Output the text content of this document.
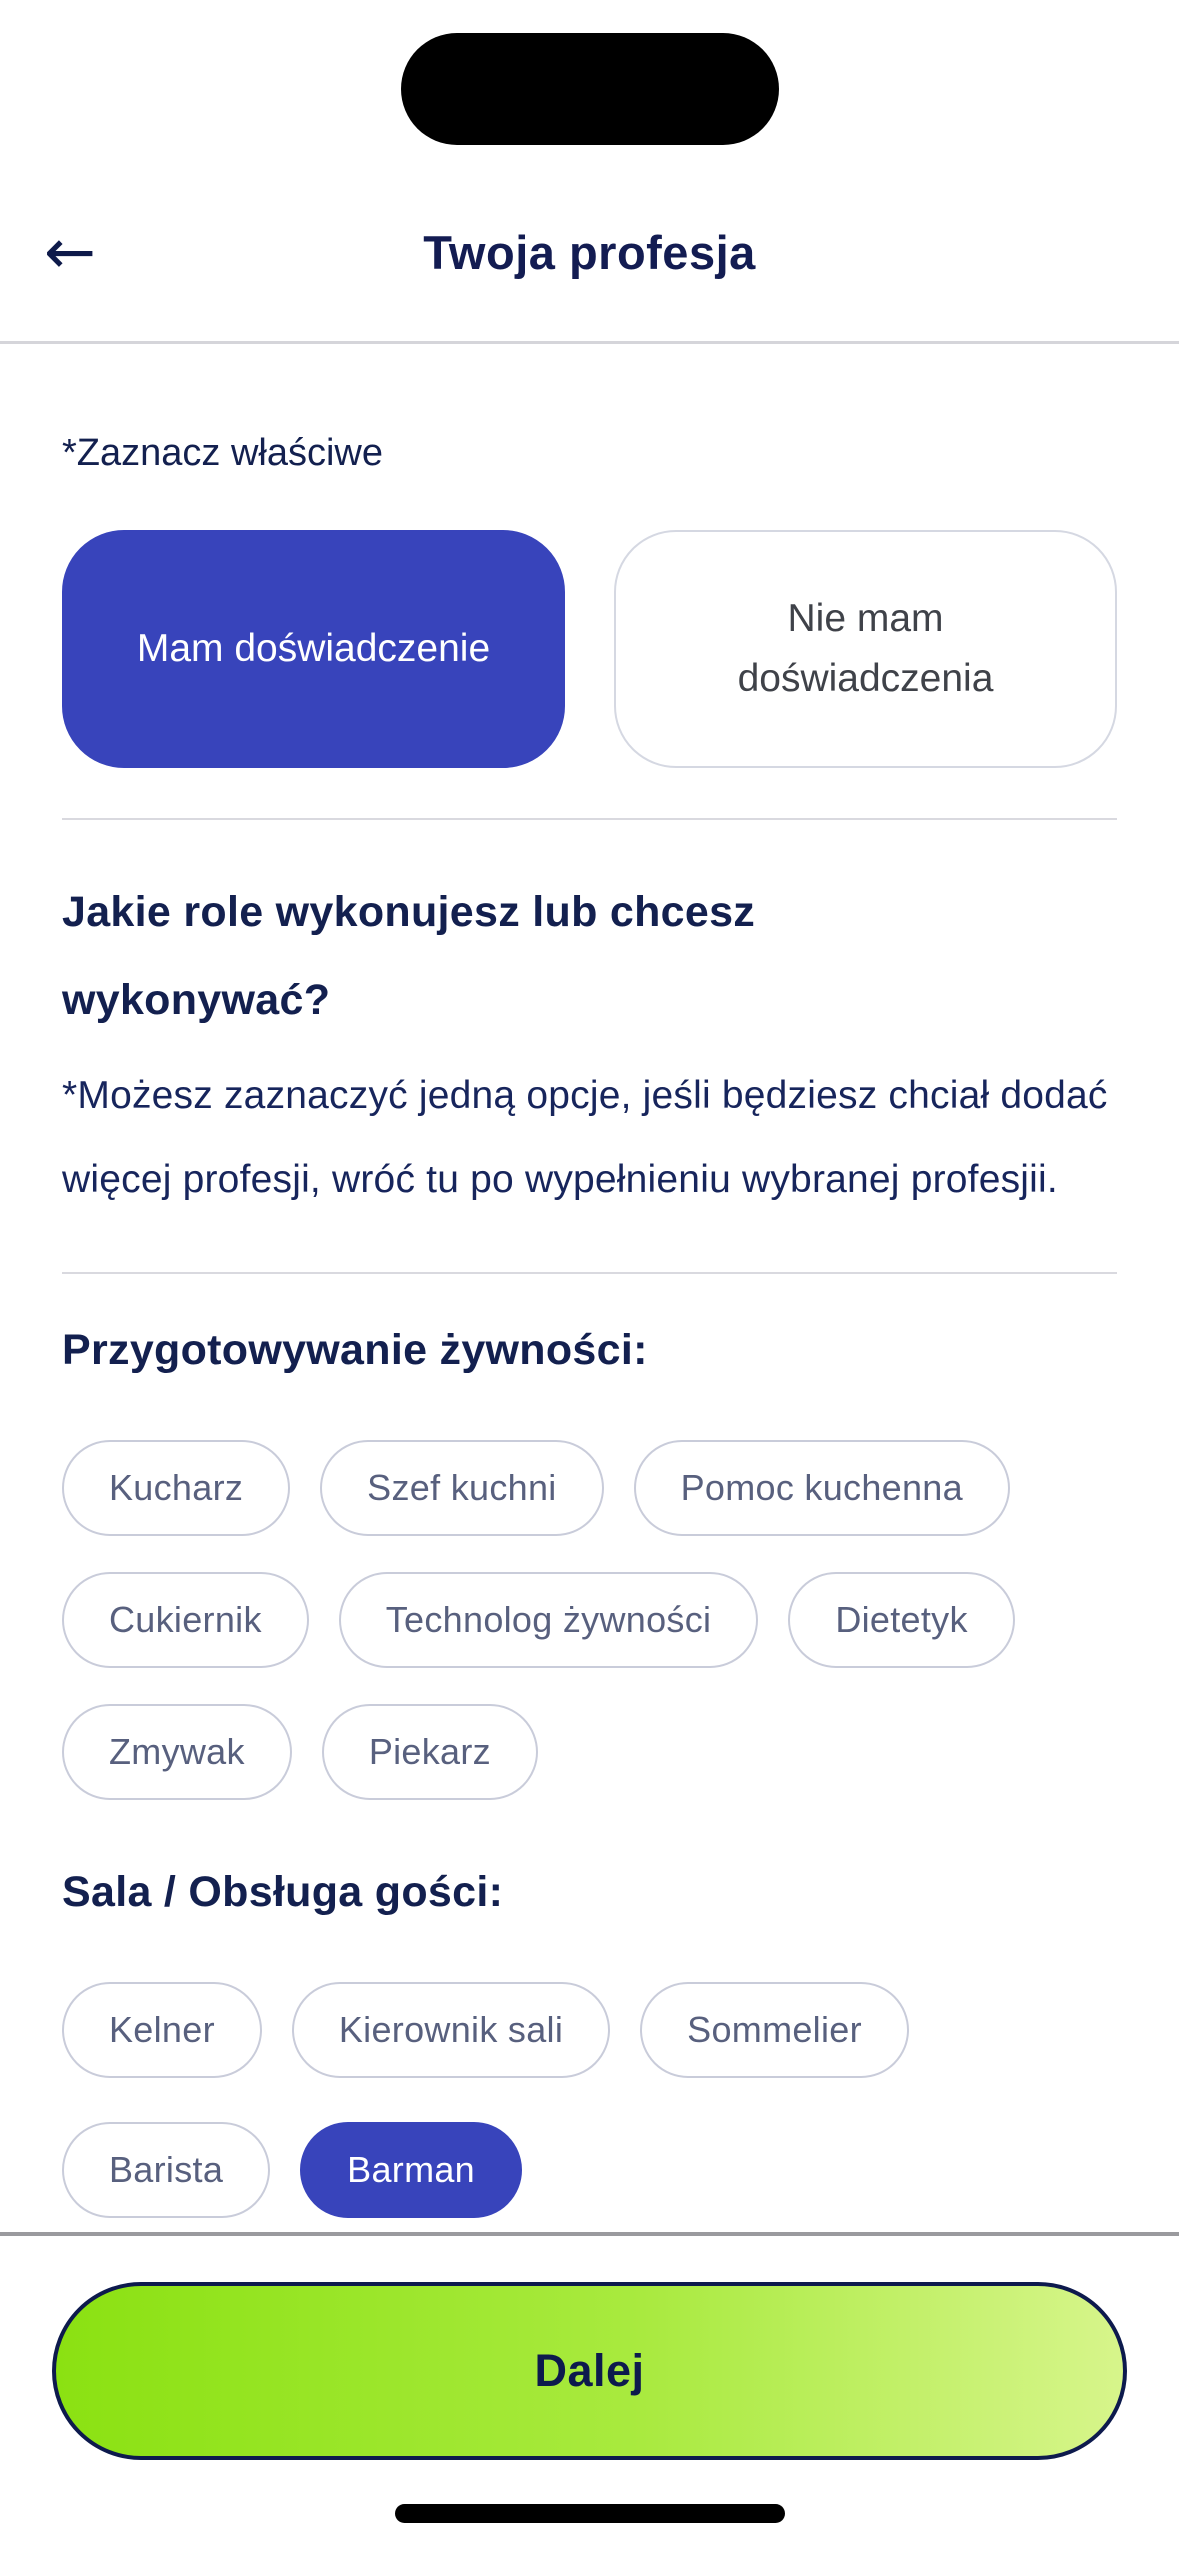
←	Twoja profesja
*Zaznacz właściwe
Mam doświadczenie
Nie mam doświadczenia
Jakie role wykonujesz lub chcesz wykonywać?

*Możesz zaznaczyć jedną opcje, jeśli będziesz chciał dodać więcej profesji, wróć tu po wypełnieniu wybranej profesjii.

Przygotowywanie żywności:
Kucharz	Szef kuchni	Pomoc kuchenna
Cukiernik	Technolog żywności	Dietetyk
Zmywak	Piekarz
Sala / Obsługa gości:
Kelner	Kierownik sali	Sommelier
Barista	Barman
Dalej
